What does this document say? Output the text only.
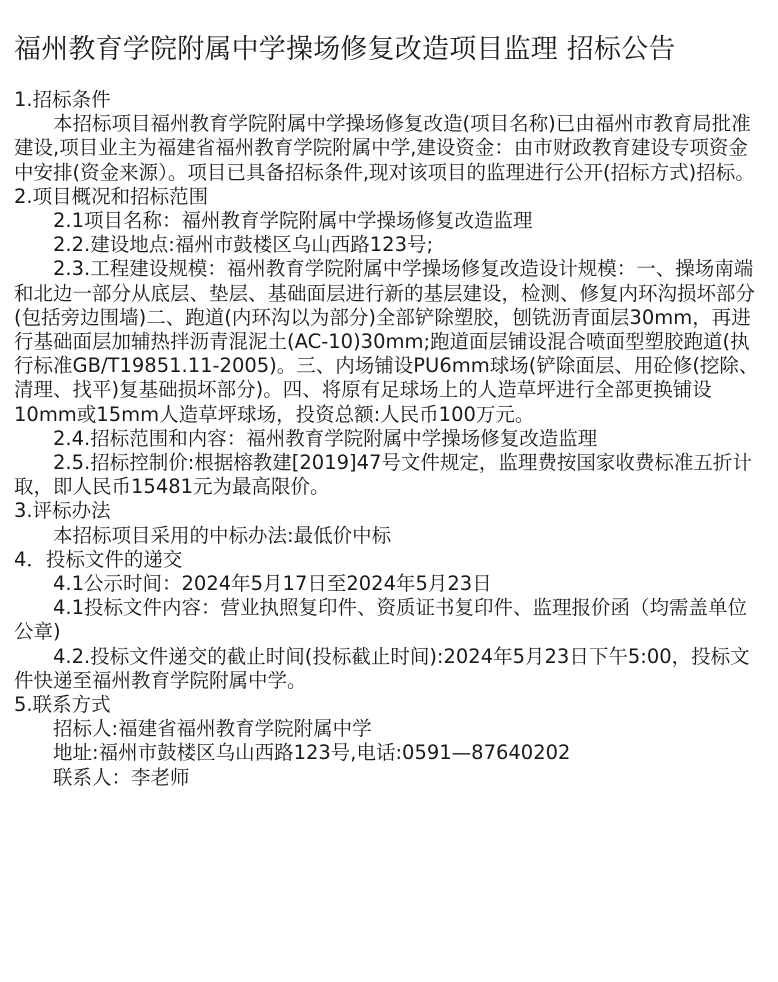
福州教育学院附属中学操场修复改造项目监理 招标公告
1.招标条件
本招标项目福州教育学院附属中学操场修复改造(项目名称)已由福州市教育局批准建设,项目业主为福建省福州教育学院附属中学,建设资金：由市财政教育建设专项资金中安排(资金来源）。项目已具备招标条件,现对该项目的监理进行公开(招标方式)招标。
2.项目概况和招标范围
2.1项目名称：福州教育学院附属中学操场修复改造监理
2.2.建设地点:福州市鼓楼区乌山西路123号;
2.3.工程建设规模：福州教育学院附属中学操场修复改造设计规模：一、操场南端和北边一部分从底层、垫层、基础面层进行新的基层建设，检测、修复内环沟损坏部分(包括旁边围墙)二、跑道(内环沟以为部分)全部铲除塑胶，刨铣沥青面层30mm，再进行基础面层加辅热拌沥青混泥土(AC-10)30mm;跑道面层铺设混合喷面型塑胶跑道(执行标准GB/T19851.11-2005)。三、内场铺设PU6mm球场(铲除面层、用砼修(挖除、清理、找平)复基础损坏部分)。四、将原有足球场上的人造草坪进行全部更换铺设10mm或15mm人造草坪球场，投资总额:人民币100万元。
2.4.招标范围和内容：福州教育学院附属中学操场修复改造监理
2.5.招标控制价:根据榕教建[2019]47号文件规定，监理费按国家收费标准五折计取，即人民币15481元为最高限价。
3.评标办法
本招标项目采用的中标办法:最低价中标
4．投标文件的递交
4.1公示时间：2024年5月17日至2024年5月23日
4.1投标文件内容：营业执照复印件、资质证书复印件、监理报价函（均需盖单位公章)
4.2.投标文件递交的截止时间(投标截止时间):2024年5月23日下午5:00，投标文件快递至福州教育学院附属中学。
5.联系方式
招标人:福建省福州教育学院附属中学
地址:福州市鼓楼区乌山西路123号,电话:0591—87640202
联系人：李老师
